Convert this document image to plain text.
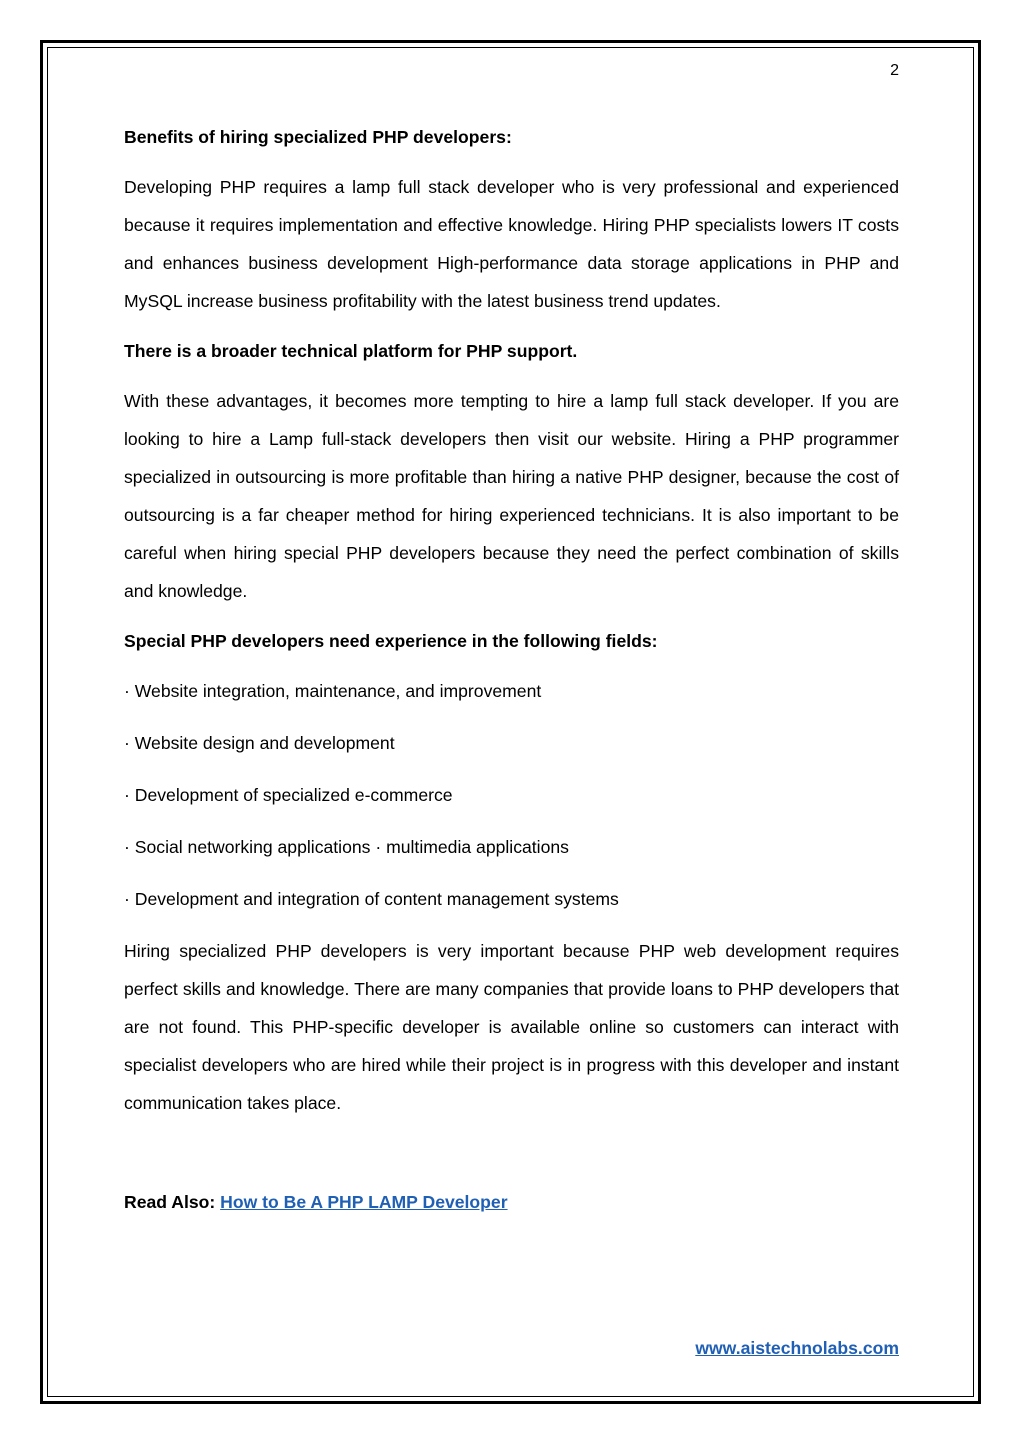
2
Benefits of hiring specialized PHP developers:
Developing PHP requires a lamp full stack developer who is very professional and experienced because it requires implementation and effective knowledge. Hiring PHP specialists lowers IT costs and enhances business development High-performance data storage applications in PHP and MySQL increase business profitability with the latest business trend updates.
There is a broader technical platform for PHP support.
With these advantages, it becomes more tempting to hire a lamp full stack developer. If you are looking to hire a Lamp full-stack developers then visit our website. Hiring a PHP programmer specialized in outsourcing is more profitable than hiring a native PHP designer, because the cost of outsourcing is a far cheaper method for hiring experienced technicians. It is also important to be careful when hiring special PHP developers because they need the perfect combination of skills and knowledge.
Special PHP developers need experience in the following fields:
· Website integration, maintenance, and improvement
· Website design and development
· Development of specialized e-commerce
· Social networking applications · multimedia applications
· Development and integration of content management systems
Hiring specialized PHP developers is very important because PHP web development requires perfect skills and knowledge. There are many companies that provide loans to PHP developers that are not found. This PHP-specific developer is available online so customers can interact with specialist developers who are hired while their project is in progress with this developer and instant communication takes place.
Read Also: How to Be A PHP LAMP Developer
www.aistechnolabs.com
